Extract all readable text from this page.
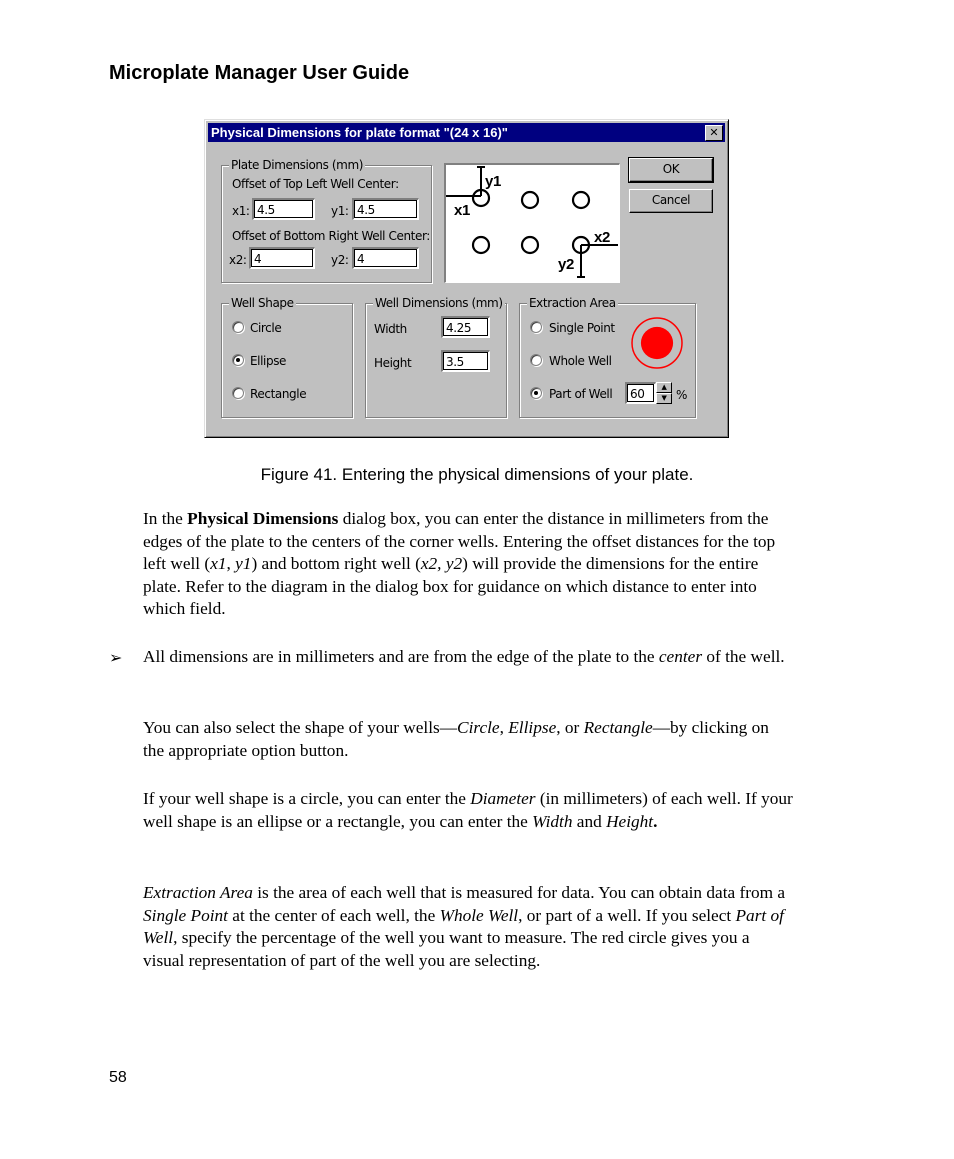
Microplate Manager User Guide
Physical Dimensions for plate format "(24 x 16)"	✕
Plate Dimensions (mm)
Offset of Top Left Well Center:
x1: 4.5	y1: 4.5
Offset of Bottom Right Well Center:
x2: 4	y2: 4
y1
x1
x2
y2
OK
Cancel
Well Shape
Circle
Ellipse
Rectangle
Well Dimensions (mm)
Width	4.25
Height	3.5
Extraction Area
Single Point
Whole Well
Part of Well	60	▲
▼ %
Figure 41. Entering the physical dimensions of your plate.

In the Physical Dimensions dialog box, you can enter the distance in millimeters from the edges of the plate to the centers of the corner wells. Entering the offset distances for the top left well (x1, y1) and bottom right well (x2, y2) will provide the dimensions for the entire plate. Refer to the diagram in the dialog box for guidance on which distance to enter into which field.

➢ All dimensions are in millimeters and are from the edge of the plate to the center of the well.

You can also select the shape of your wells—Circle, Ellipse, or Rectangle—by clicking on the appropriate option button.

If your well shape is a circle, you can enter the Diameter (in millimeters) of each well. If your well shape is an ellipse or a rectangle, you can enter the Width and Height.

Extraction Area is the area of each well that is measured for data. You can obtain data from a Single Point at the center of each well, the Whole Well, or part of a well. If you select Part of Well, specify the percentage of the well you want to measure. The red circle gives you a visual representation of part of the well you are selecting.

58
